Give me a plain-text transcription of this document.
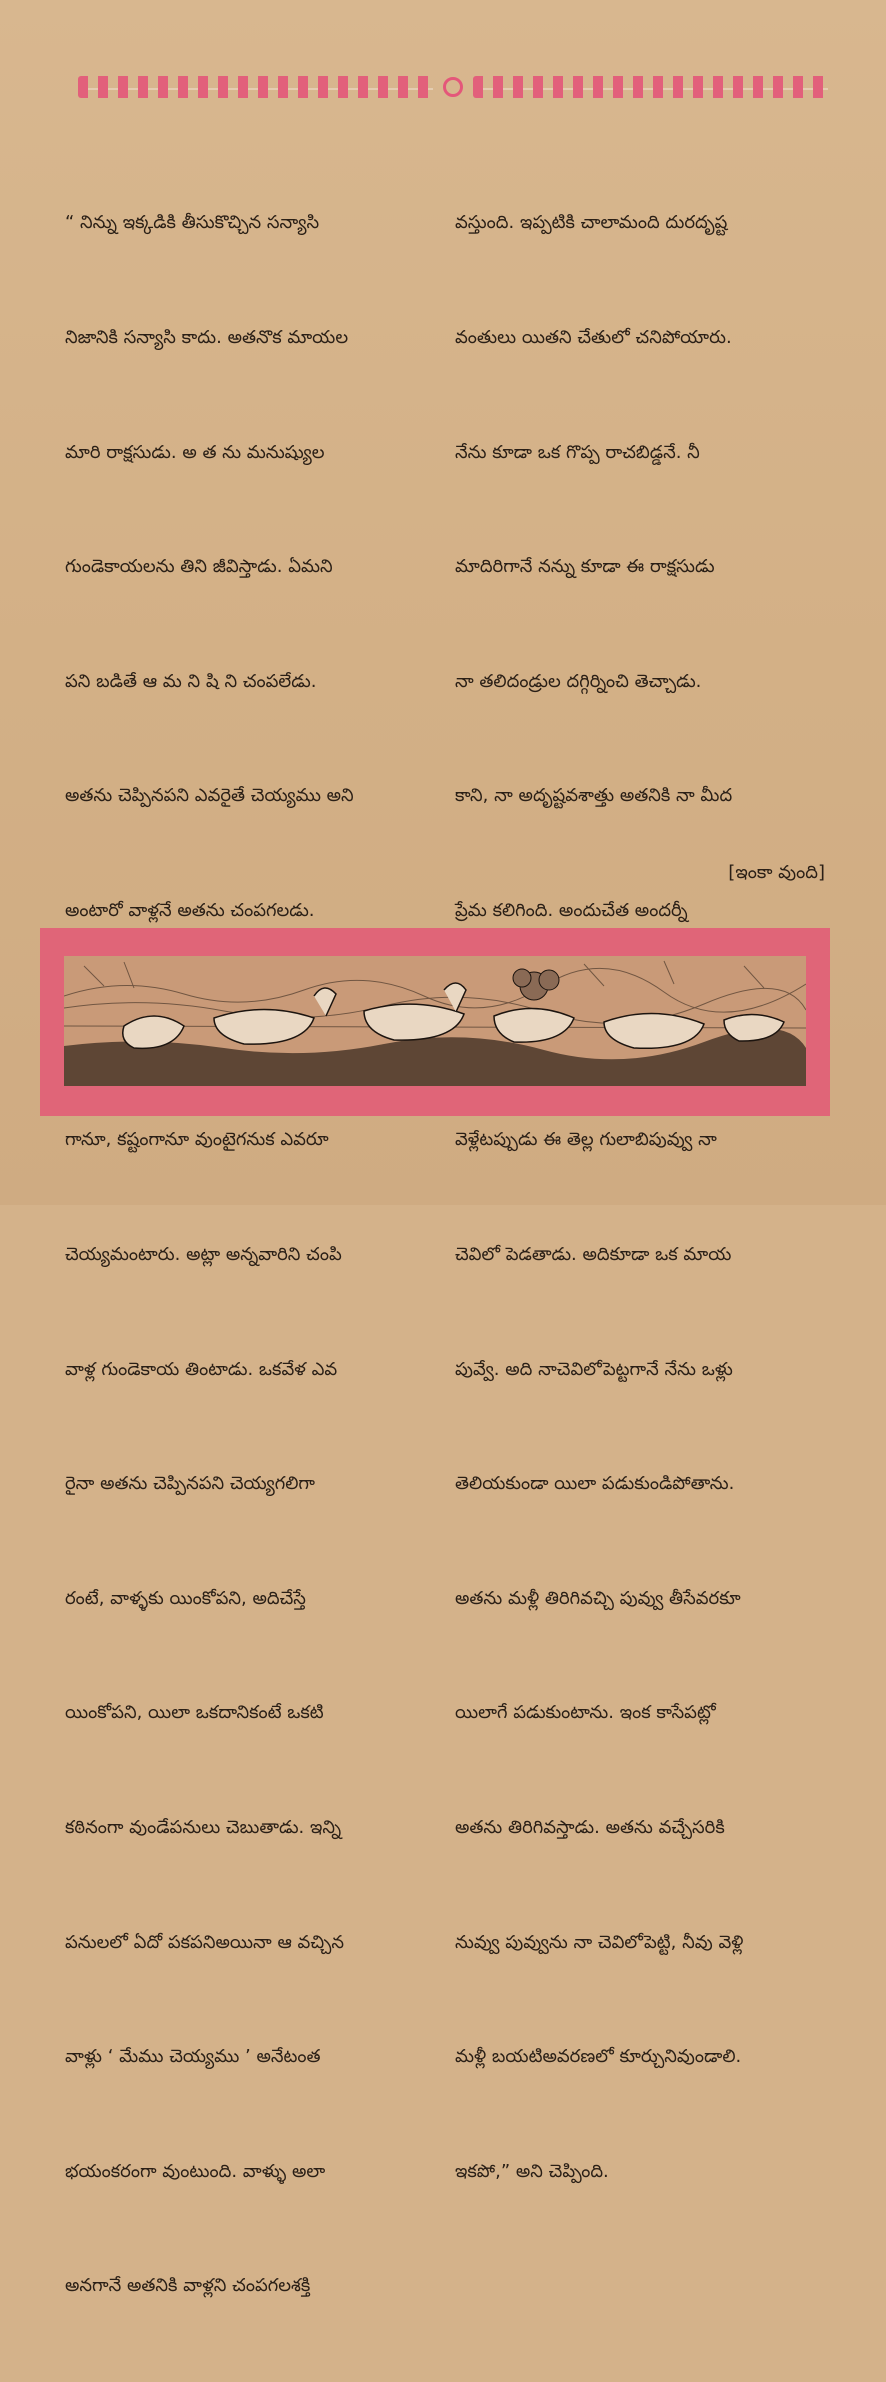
“ నిన్ను ఇక్కడికి తీసుకొచ్చిన సన్యాసి

నిజానికి సన్యాసి కాదు. అతనొక మాయల

మారి రాక్షసుడు. అ త ను మనుష్యుల

గుండెకాయలను తిని జీవిస్తాడు. ఏమని

పని బడితే ఆ మ ని షి ని చంపలేడు.

అతను చెప్పినపని ఎవరైతే చెయ్యము అని

అంటారో వాళ్లనే అతను చంపగలడు.

గానూ, కష్టంగానూ వుంటైగనుక ఎవరూ

చెయ్యమంటారు. అట్లా అన్నవారిని చంపి

వాళ్ల గుండెకాయ తింటాడు. ఒకవేళ ఎవ

రైనా అతను చెప్పినపని చెయ్యగలిగా

రంటే, వాళ్ళకు యింకోపని, అదిచేస్తే

యింకోపని, యిలా ఒకదానికంటే ఒకటి

కఠినంగా వుండేపనులు చెబుతాడు. ఇన్ని

పనులలో ఏదో పకపనిఅయినా ఆ వచ్చిన

వాళ్లు ‘ మేము చెయ్యము ’ అనేటంత

భయంకరంగా వుంటుంది. వాళ్ళు అలా

అనగానే అతనికి వాళ్లని చంపగలశక్తి

వస్తుంది. ఇప్పటికి చాలామంది దురదృష్ట

వంతులు యితని చేతులో చనిపోయారు.

నేను కూడా ఒక గొప్ప రాచబిడ్డనే. నీ

మాదిరిగానే నన్ను కూడా ఈ రాక్షసుడు

నా తలిదండ్రుల దగ్గిర్నించి తెచ్చాడు.

కాని, నా అదృష్టవశాత్తు అతనికి నా మీద

ప్రేమ కలిగింది. అందుచేత అందర్నీ

వెళ్లేటప్పుడు ఈ తెల్ల గులాబిపువ్వు నా

చెవిలో పెడతాడు. అదికూడా ఒక మాయ

పువ్వే. అది నాచెవిలోపెట్టగానే నేను ఒళ్లు

తెలియకుండా యిలా పడుకుండిపోతాను.

అతను మళ్లీ తిరిగివచ్చి పువ్వు తీసేవరకూ

యిలాగే పడుకుంటాను. ఇంక కాసేపట్లో

అతను తిరిగివస్తాడు. అతను వచ్చేసరికి

నువ్వు పువ్వును నా చెవిలోపెట్టి, నీవు వెళ్లి

మళ్లీ బయటిఅవరణలో కూర్చునివుండాలి.

ఇకపో,” అని చెప్పింది.

[ఇంకా వుంది]
